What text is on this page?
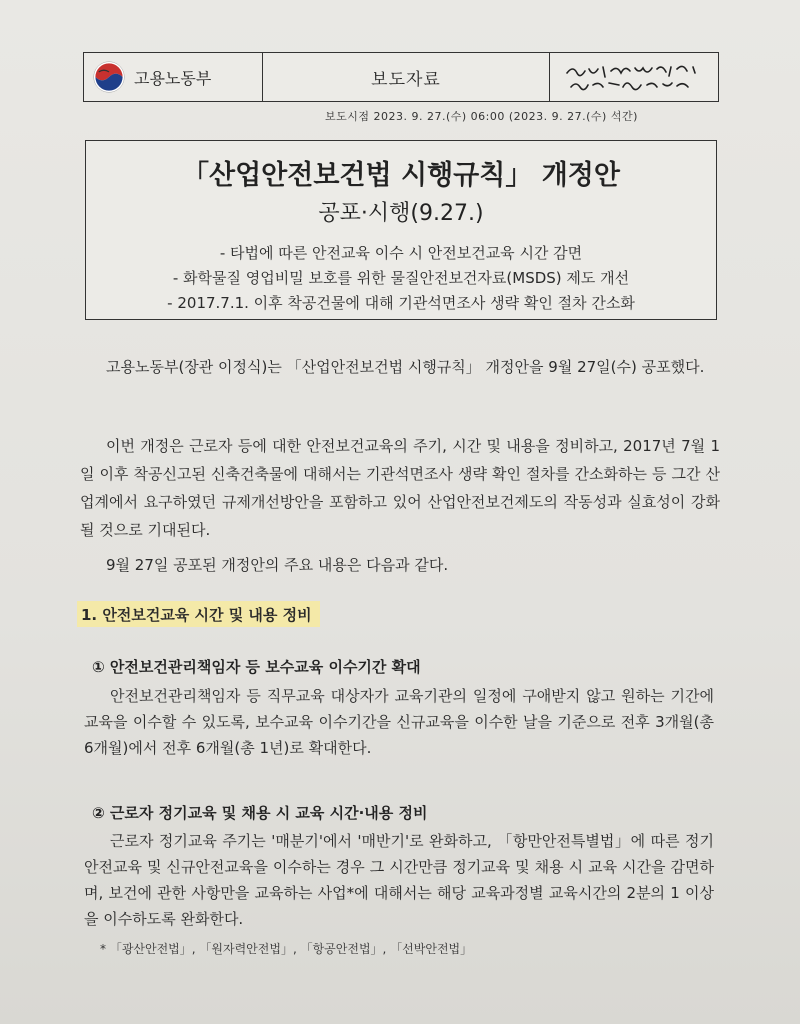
고용노동부	보도자료
보도시점 2023. 9. 27.(수) 06:00 (2023. 9. 27.(수) 석간)
「산업안전보건법 시행규칙」 개정안
공포·시행(9.27.)
- 타법에 따른 안전교육 이수 시 안전보건교육 시간 감면
- 화학물질 영업비밀 보호를 위한 물질안전보건자료(MSDS) 제도 개선
- 2017.7.1. 이후 착공건물에 대해 기관석면조사 생략 확인 절차 간소화
고용노동부(장관 이정식)는 「산업안전보건법 시행규칙」 개정안을 9월 27일(수) 공포했다.
이번 개정은 근로자 등에 대한 안전보건교육의 주기, 시간 및 내용을 정비하고, 2017년 7월 1일 이후 착공신고된 신축건축물에 대해서는 기관석면조사 생략 확인 절차를 간소화하는 등 그간 산업계에서 요구하였던 규제개선방안을 포함하고 있어 산업안전보건제도의 작동성과 실효성이 강화될 것으로 기대된다.
9월 27일 공포된 개정안의 주요 내용은 다음과 같다.
1. 안전보건교육 시간 및 내용 정비
① 안전보건관리책임자 등 보수교육 이수기간 확대
안전보건관리책임자 등 직무교육 대상자가 교육기관의 일정에 구애받지 않고 원하는 기간에 교육을 이수할 수 있도록, 보수교육 이수기간을 신규교육을 이수한 날을 기준으로 전후 3개월(총 6개월)에서 전후 6개월(총 1년)로 확대한다.
② 근로자 정기교육 및 채용 시 교육 시간·내용 정비
근로자 정기교육 주기는 '매분기'에서 '매반기'로 완화하고, 「항만안전특별법」에 따른 정기안전교육 및 신규안전교육을 이수하는 경우 그 시간만큼 정기교육 및 채용 시 교육 시간을 감면하며, 보건에 관한 사항만을 교육하는 사업*에 대해서는 해당 교육과정별 교육시간의 2분의 1 이상을 이수하도록 완화한다.
* 「광산안전법」, 「원자력안전법」, 「항공안전법」, 「선박안전법」
